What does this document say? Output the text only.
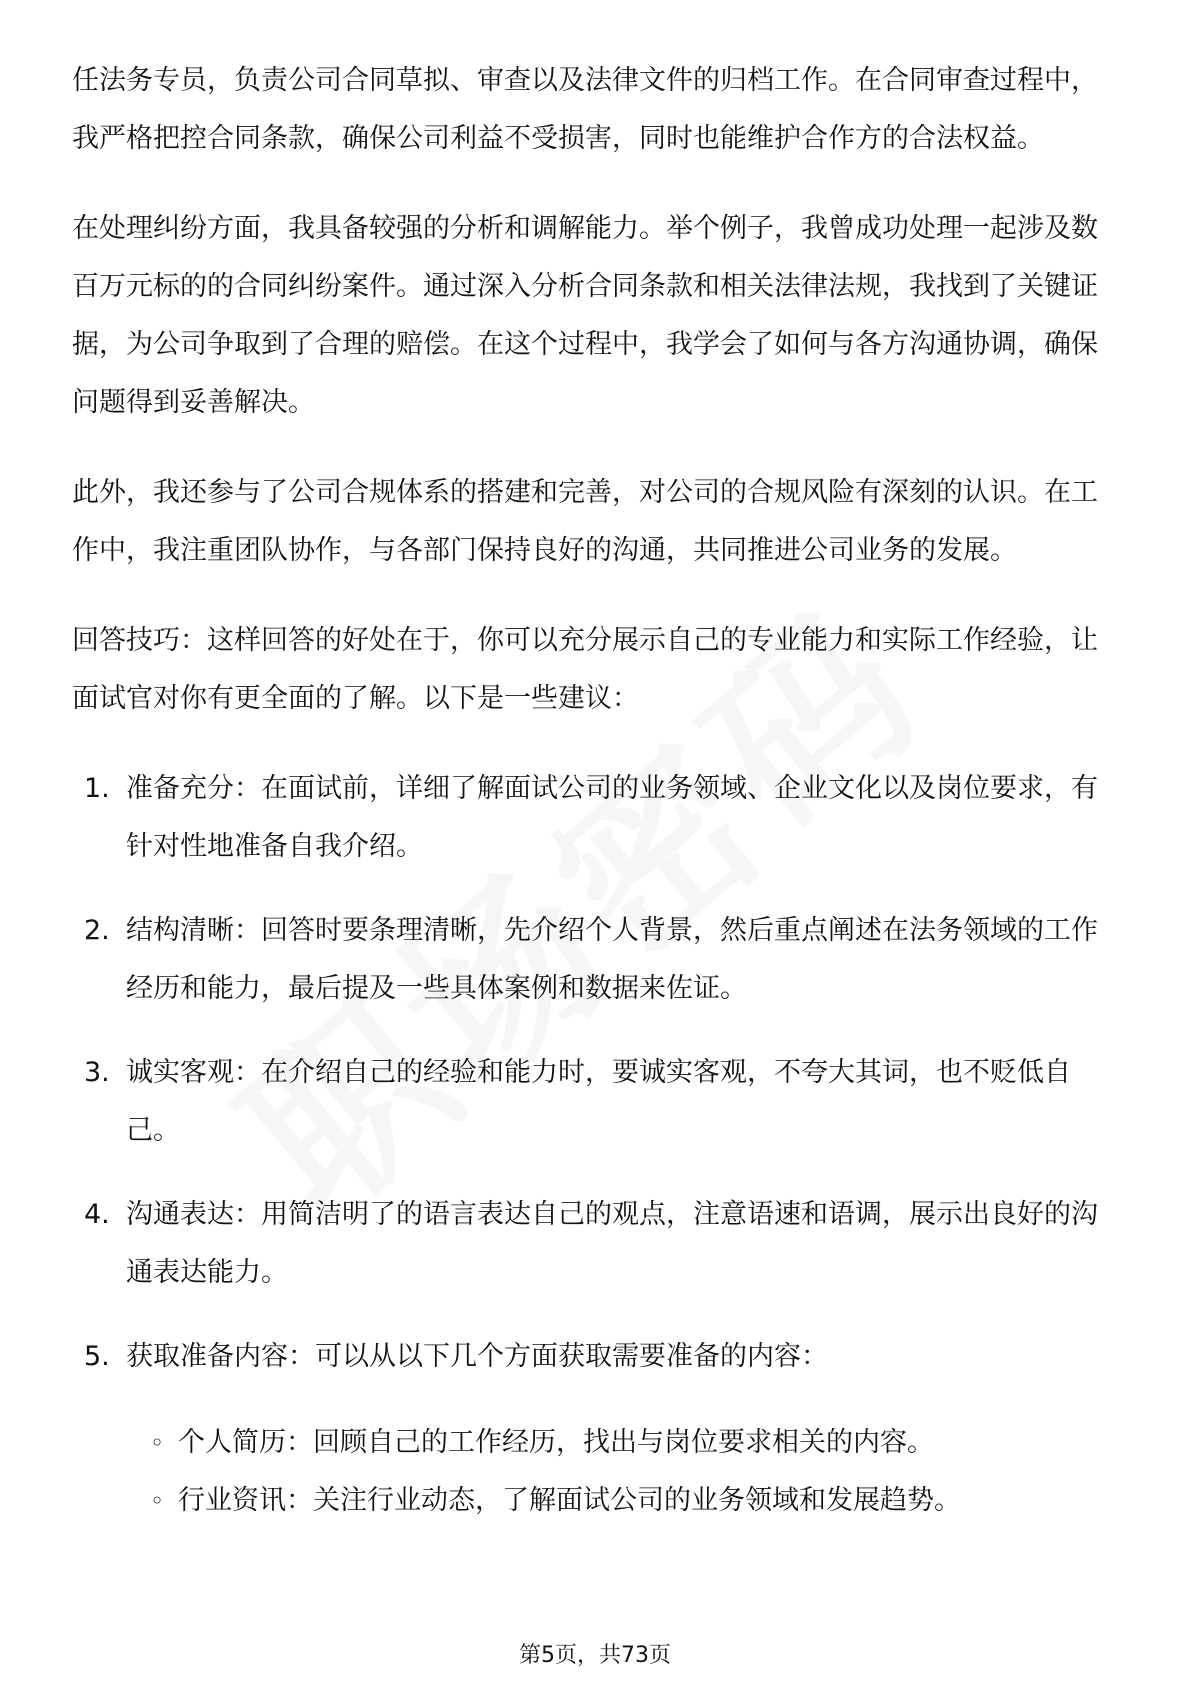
任法务专员，负责公司合同草拟、审查以及法律文件的归档工作。在合同审查过程中，我严格把控合同条款，确保公司利益不受损害，同时也能维护合作方的合法权益。

在处理纠纷方面，我具备较强的分析和调解能力。举个例子，我曾成功处理一起涉及数百万元标的的合同纠纷案件。通过深入分析合同条款和相关法律法规，我找到了关键证据，为公司争取到了合理的赔偿。在这个过程中，我学会了如何与各方沟通协调，确保问题得到妥善解决。

此外，我还参与了公司合规体系的搭建和完善，对公司的合规风险有深刻的认识。在工作中，我注重团队协作，与各部门保持良好的沟通，共同推进公司业务的发展。

回答技巧：这样回答的好处在于，你可以充分展示自己的专业能力和实际工作经验，让面试官对你有更全面的了解。以下是一些建议：

1. 准备充分：在面试前，详细了解面试公司的业务领域、企业文化以及岗位要求，有针对性地准备自我介绍。
2. 结构清晰：回答时要条理清晰，先介绍个人背景，然后重点阐述在法务领域的工作经历和能力，最后提及一些具体案例和数据来佐证。
3. 诚实客观：在介绍自己的经验和能力时，要诚实客观，不夸大其词，也不贬低自己。
4. 沟通表达：用简洁明了的语言表达自己的观点，注意语速和语调，展示出良好的沟通表达能力。
5. 获取准备内容：可以从以下几个方面获取需要准备的内容：
◦ 个人简历：回顾自己的工作经历，找出与岗位要求相关的内容。
◦ 行业资讯：关注行业动态，了解面试公司的业务领域和发展趋势。
第5页，共73页
